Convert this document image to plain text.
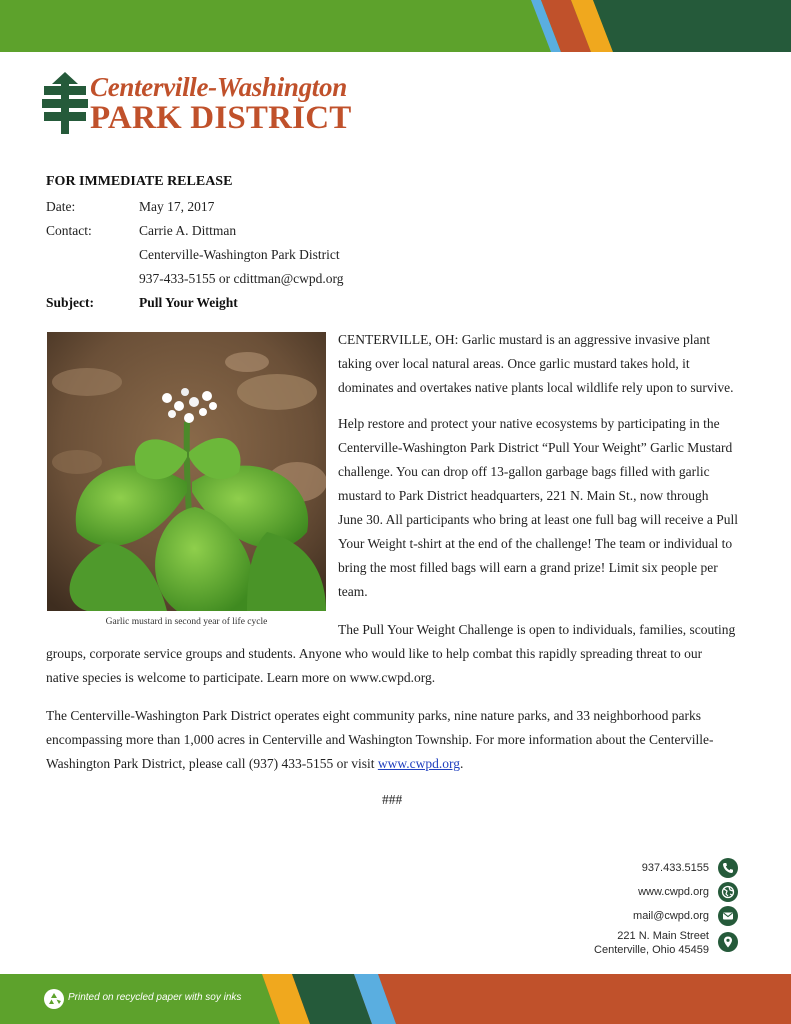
Centerville-Washington
PARK DISTRICT
FOR IMMEDIATE RELEASE
Date:	May 17, 2017
Contact:	Carrie A. Dittman
Centerville-Washington Park District
937-433-5155 or cdittman@cwpd.org
Subject:	Pull Your Weight
Garlic mustard in second year of life cycle
CENTERVILLE, OH: Garlic mustard is an aggressive invasive plant
taking over local natural areas. Once garlic mustard takes hold, it
dominates and overtakes native plants local wildlife rely upon to survive.
Help restore and protect your native ecosystems by participating in the
Centerville-Washington Park District “Pull Your Weight” Garlic Mustard
challenge. You can drop off 13-gallon garbage bags filled with garlic
mustard to Park District headquarters, 221 N. Main St., now through
June 30. All participants who bring at least one full bag will receive a Pull
Your Weight t-shirt at the end of the challenge! The team or individual to
bring the most filled bags will earn a grand prize! Limit six people per
team.
The Pull Your Weight Challenge is open to individuals, families, scouting
groups, corporate service groups and students. Anyone who would like to help combat this rapidly spreading threat to our
native species is welcome to participate. Learn more on www.cwpd.org.
The Centerville-Washington Park District operates eight community parks, nine nature parks, and 33 neighborhood parks
encompassing more than 1,000 acres in Centerville and Washington Township. For more information about the Centerville-
Washington Park District, please call (937) 433-5155 or visit www.cwpd.org.
###
937.433.5155
www.cwpd.org
mail@cwpd.org
221 N. Main Street
Centerville, Ohio 45459
Printed on recycled paper with soy inks
